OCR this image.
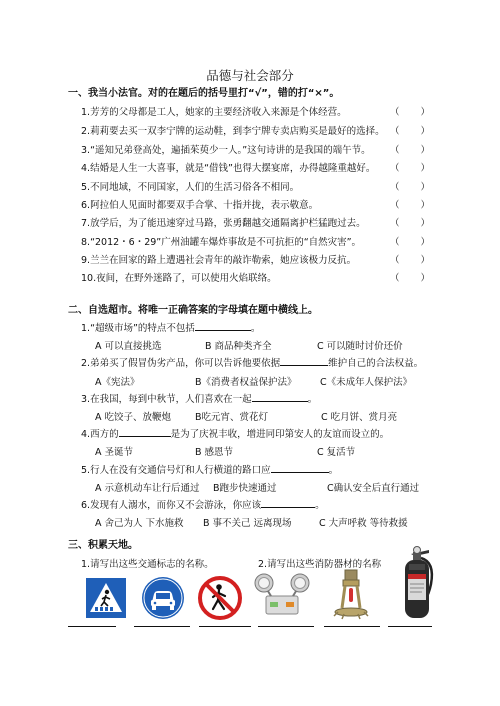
品德与社会部分
一、我当小法官。对的在题后的括号里打“√”，错的打“×”。
1.芳芳的父母都是工人，她家的主要经济收入来源是个体经营。	（ ）
2.莉莉要去买一双李宁牌的运动鞋，到李宁牌专卖店购买是最好的选择。 （ ）
3.“遥知兄弟登高处，遍插茱萸少一人。”这句诗讲的是我国的端午节。 （ ）
4.结婚是人生一大喜事，就是“借钱”也得大摆宴席，办得越隆重越好。 （ ）
5.不同地域，不同国家，人们的生活习俗各不相同。	（ ）
6.阿拉伯人见面时都要双手合掌、十指并拢，表示敬意。	（ ）
7.放学后，为了能迅速穿过马路，张勇翻越交通隔离护栏猛跑过去。	（ ）
8.“2012・6・29”广州油罐车爆炸事故是不可抗拒的“自然灾害”。	（ ）
9.兰兰在回家的路上遭遇社会青年的敲诈勒索，她应该极力反抗。	（ ）
10.夜间，在野外迷路了，可以使用火焰联络。	（ ）
二、自选超市。将唯一正确答案的字母填在题中横线上。
1.“超级市场”的特点不包括	。
A 可以直接挑选	B 商品种类齐全	C 可以随时讨价还价
2.弟弟买了假冒伪劣产品，你可以告诉他要依据	维护自己的合法权益。
A《宪法》	B《消费者权益保护法》 C《未成年人保护法》
3.在我国，每到中秋节，人们喜欢在一起	。
A 吃饺子、放鞭炮	B吃元宵、赏花灯	C 吃月饼、赏月亮
4.西方的	是为了庆祝丰收，增进同印第安人的友谊而设立的。
A 圣诞节	B 感恩节	C 复活节
5.行人在没有交通信号灯和人行横道的路口应	。
A 示意机动车让行后通过 B跑步快速通过	C确认安全后直行通过
6.发现有人溺水，而你又不会游泳，你应该	。
A 舍己为人 下水施救 B 事不关己 远离现场	C 大声呼救 等待救援
三、积累天地。
1.请写出这些交通标志的名称。	2.请写出这些消防器材的名称
